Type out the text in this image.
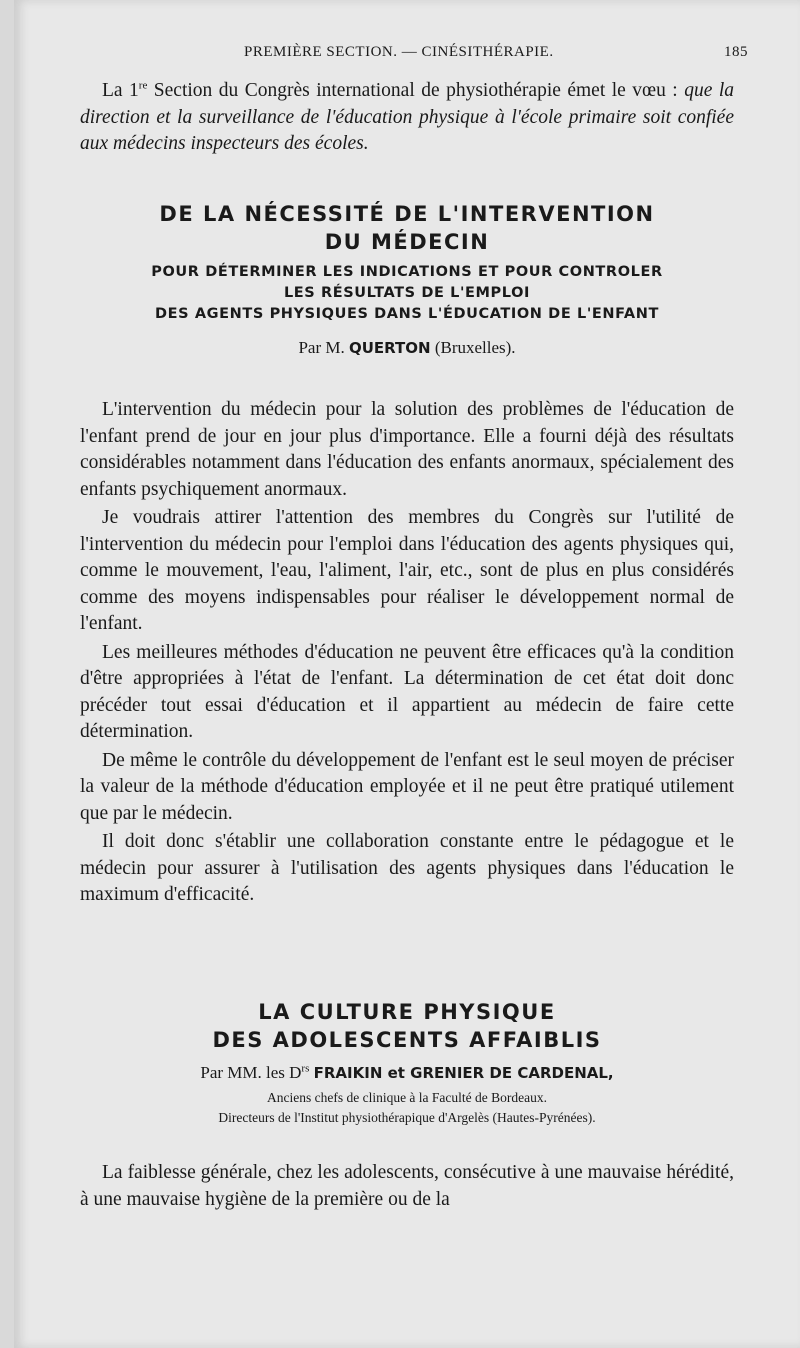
PREMIÈRE SECTION. — CINÉSITHÉRAPIE.	185

La 1re Section du Congrès international de physiothérapie émet le vœu : que la direction et la surveillance de l'éducation physique à l'école primaire soit confiée aux médecins inspecteurs des écoles.

DE LA NÉCESSITÉ DE L'INTERVENTION
DU MÉDECIN
POUR DÉTERMINER LES INDICATIONS ET POUR CONTROLER
LES RÉSULTATS DE L'EMPLOI
DES AGENTS PHYSIQUES DANS L'ÉDUCATION DE L'ENFANT
Par M. QUERTON (Bruxelles).

L'intervention du médecin pour la solution des problèmes de l'éducation de l'enfant prend de jour en jour plus d'importance. Elle a fourni déjà des résultats considérables notamment dans l'éducation des enfants anormaux, spécialement des enfants psychiquement anormaux.

Je voudrais attirer l'attention des membres du Congrès sur l'utilité de l'intervention du médecin pour l'emploi dans l'éducation des agents physiques qui, comme le mouvement, l'eau, l'aliment, l'air, etc., sont de plus en plus considérés comme des moyens indispensables pour réaliser le développement normal de l'enfant.

Les meilleures méthodes d'éducation ne peuvent être efficaces qu'à la condition d'être appropriées à l'état de l'enfant. La détermination de cet état doit donc précéder tout essai d'éducation et il appartient au médecin de faire cette détermination.

De même le contrôle du développement de l'enfant est le seul moyen de préciser la valeur de la méthode d'éducation employée et il ne peut être pratiqué utilement que par le médecin.

Il doit donc s'établir une collaboration constante entre le pédagogue et le médecin pour assurer à l'utilisation des agents physiques dans l'éducation le maximum d'efficacité.

LA CULTURE PHYSIQUE
DES ADOLESCENTS AFFAIBLIS
Par MM. les $D^{rs}$ FRAIKIN et GRENIER DE CARDENAL,
Anciens chefs de clinique à la Faculté de Bordeaux.
Directeurs de l'Institut physiothérapique d'Argelès (Hautes-Pyrénées).

La faiblesse générale, chez les adolescents, consécutive à une mauvaise hérédité, à une mauvaise hygiène de la première ou de la
